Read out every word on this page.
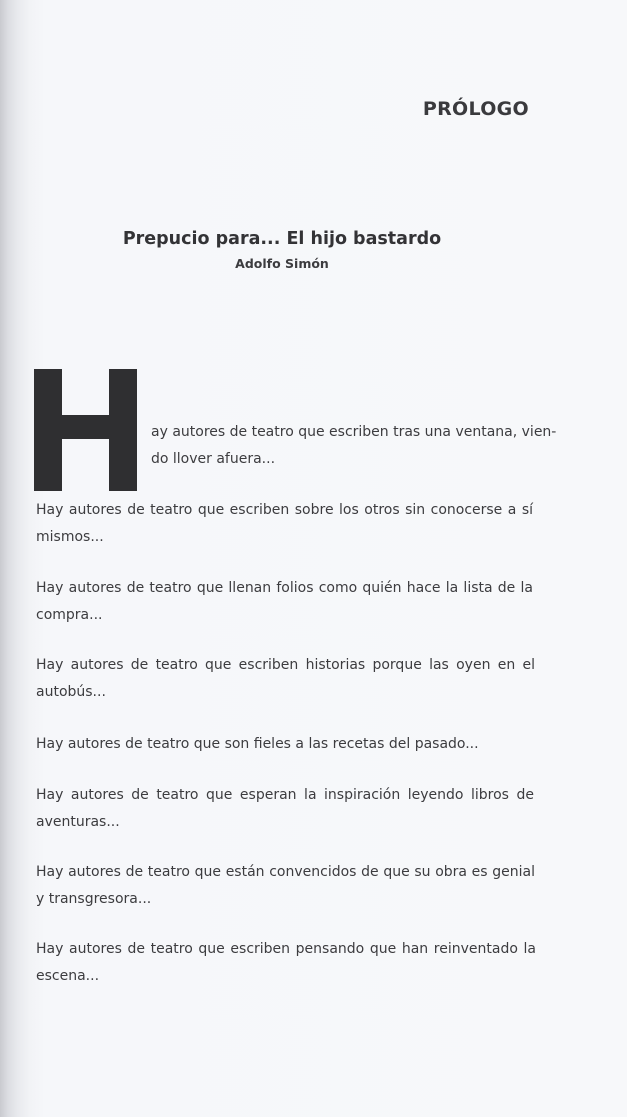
PRÓLOGO
Prepucio para... El hijo bastardo
Adolfo Simón
ay autores de teatro que escriben tras una ventana, vien-
do llover afuera...
Hay autores de teatro que escriben sobre los otros sin conocerse a sí
mismos...
Hay autores de teatro que llenan folios como quién hace la lista de la
compra...
Hay autores de teatro que escriben historias porque las oyen en el
autobús...
Hay autores de teatro que son fieles a las recetas del pasado...
Hay autores de teatro que esperan la inspiración leyendo libros de
aventuras...
Hay autores de teatro que están convencidos de que su obra es genial
y transgresora...
Hay autores de teatro que escriben pensando que han reinventado la
escena...
